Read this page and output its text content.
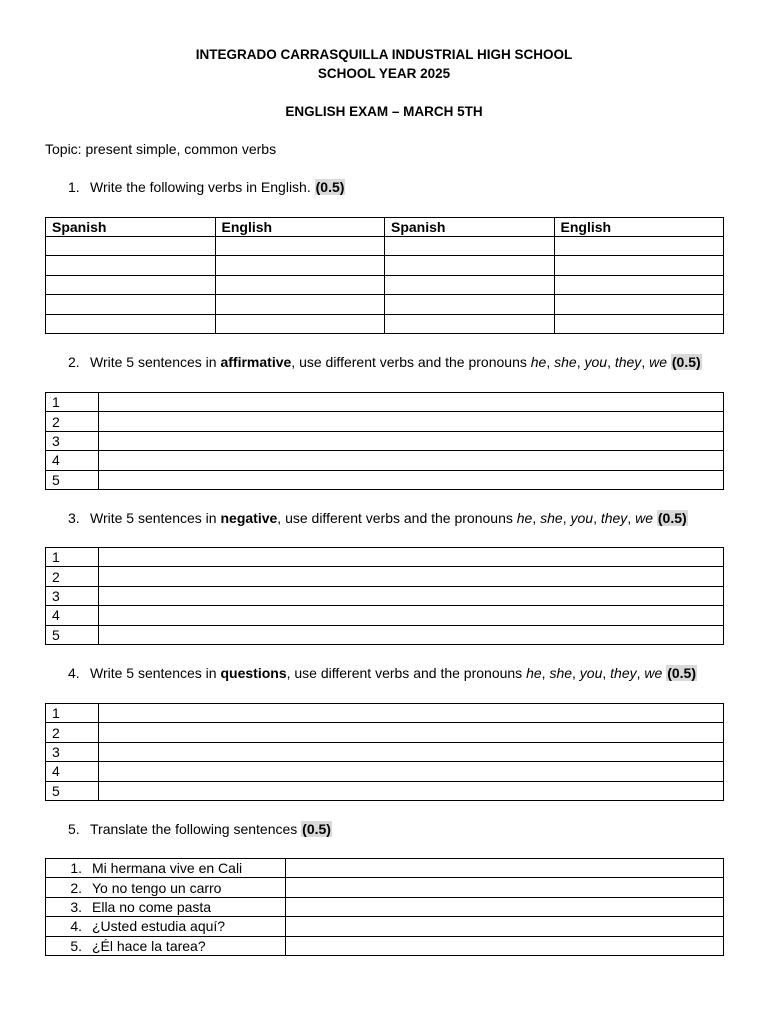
INTEGRADO CARRASQUILLA INDUSTRIAL HIGH SCHOOL
SCHOOL YEAR 2025
ENGLISH EXAM – MARCH 5TH
Topic: present simple, common verbs
1. Write the following verbs in English. (0.5)
Spanish	English	Spanish	English

2. Write 5 sentences in affirmative, use different verbs and the pronouns he, she, you, they, we (0.5)
1	
2	
3	
4	
5	
3. Write 5 sentences in negative, use different verbs and the pronouns he, she, you, they, we (0.5)
1	
2	
3	
4	
5	
4. Write 5 sentences in questions, use different verbs and the pronouns he, she, you, they, we (0.5)
1	
2	
3	
4	
5	
5. Translate the following sentences (0.5)
1. Mi hermana vive en Cali	
2. Yo no tengo un carro	
3. Ella no come pasta	
4. ¿Usted estudia aquí?	
5. ¿Él hace la tarea?	
